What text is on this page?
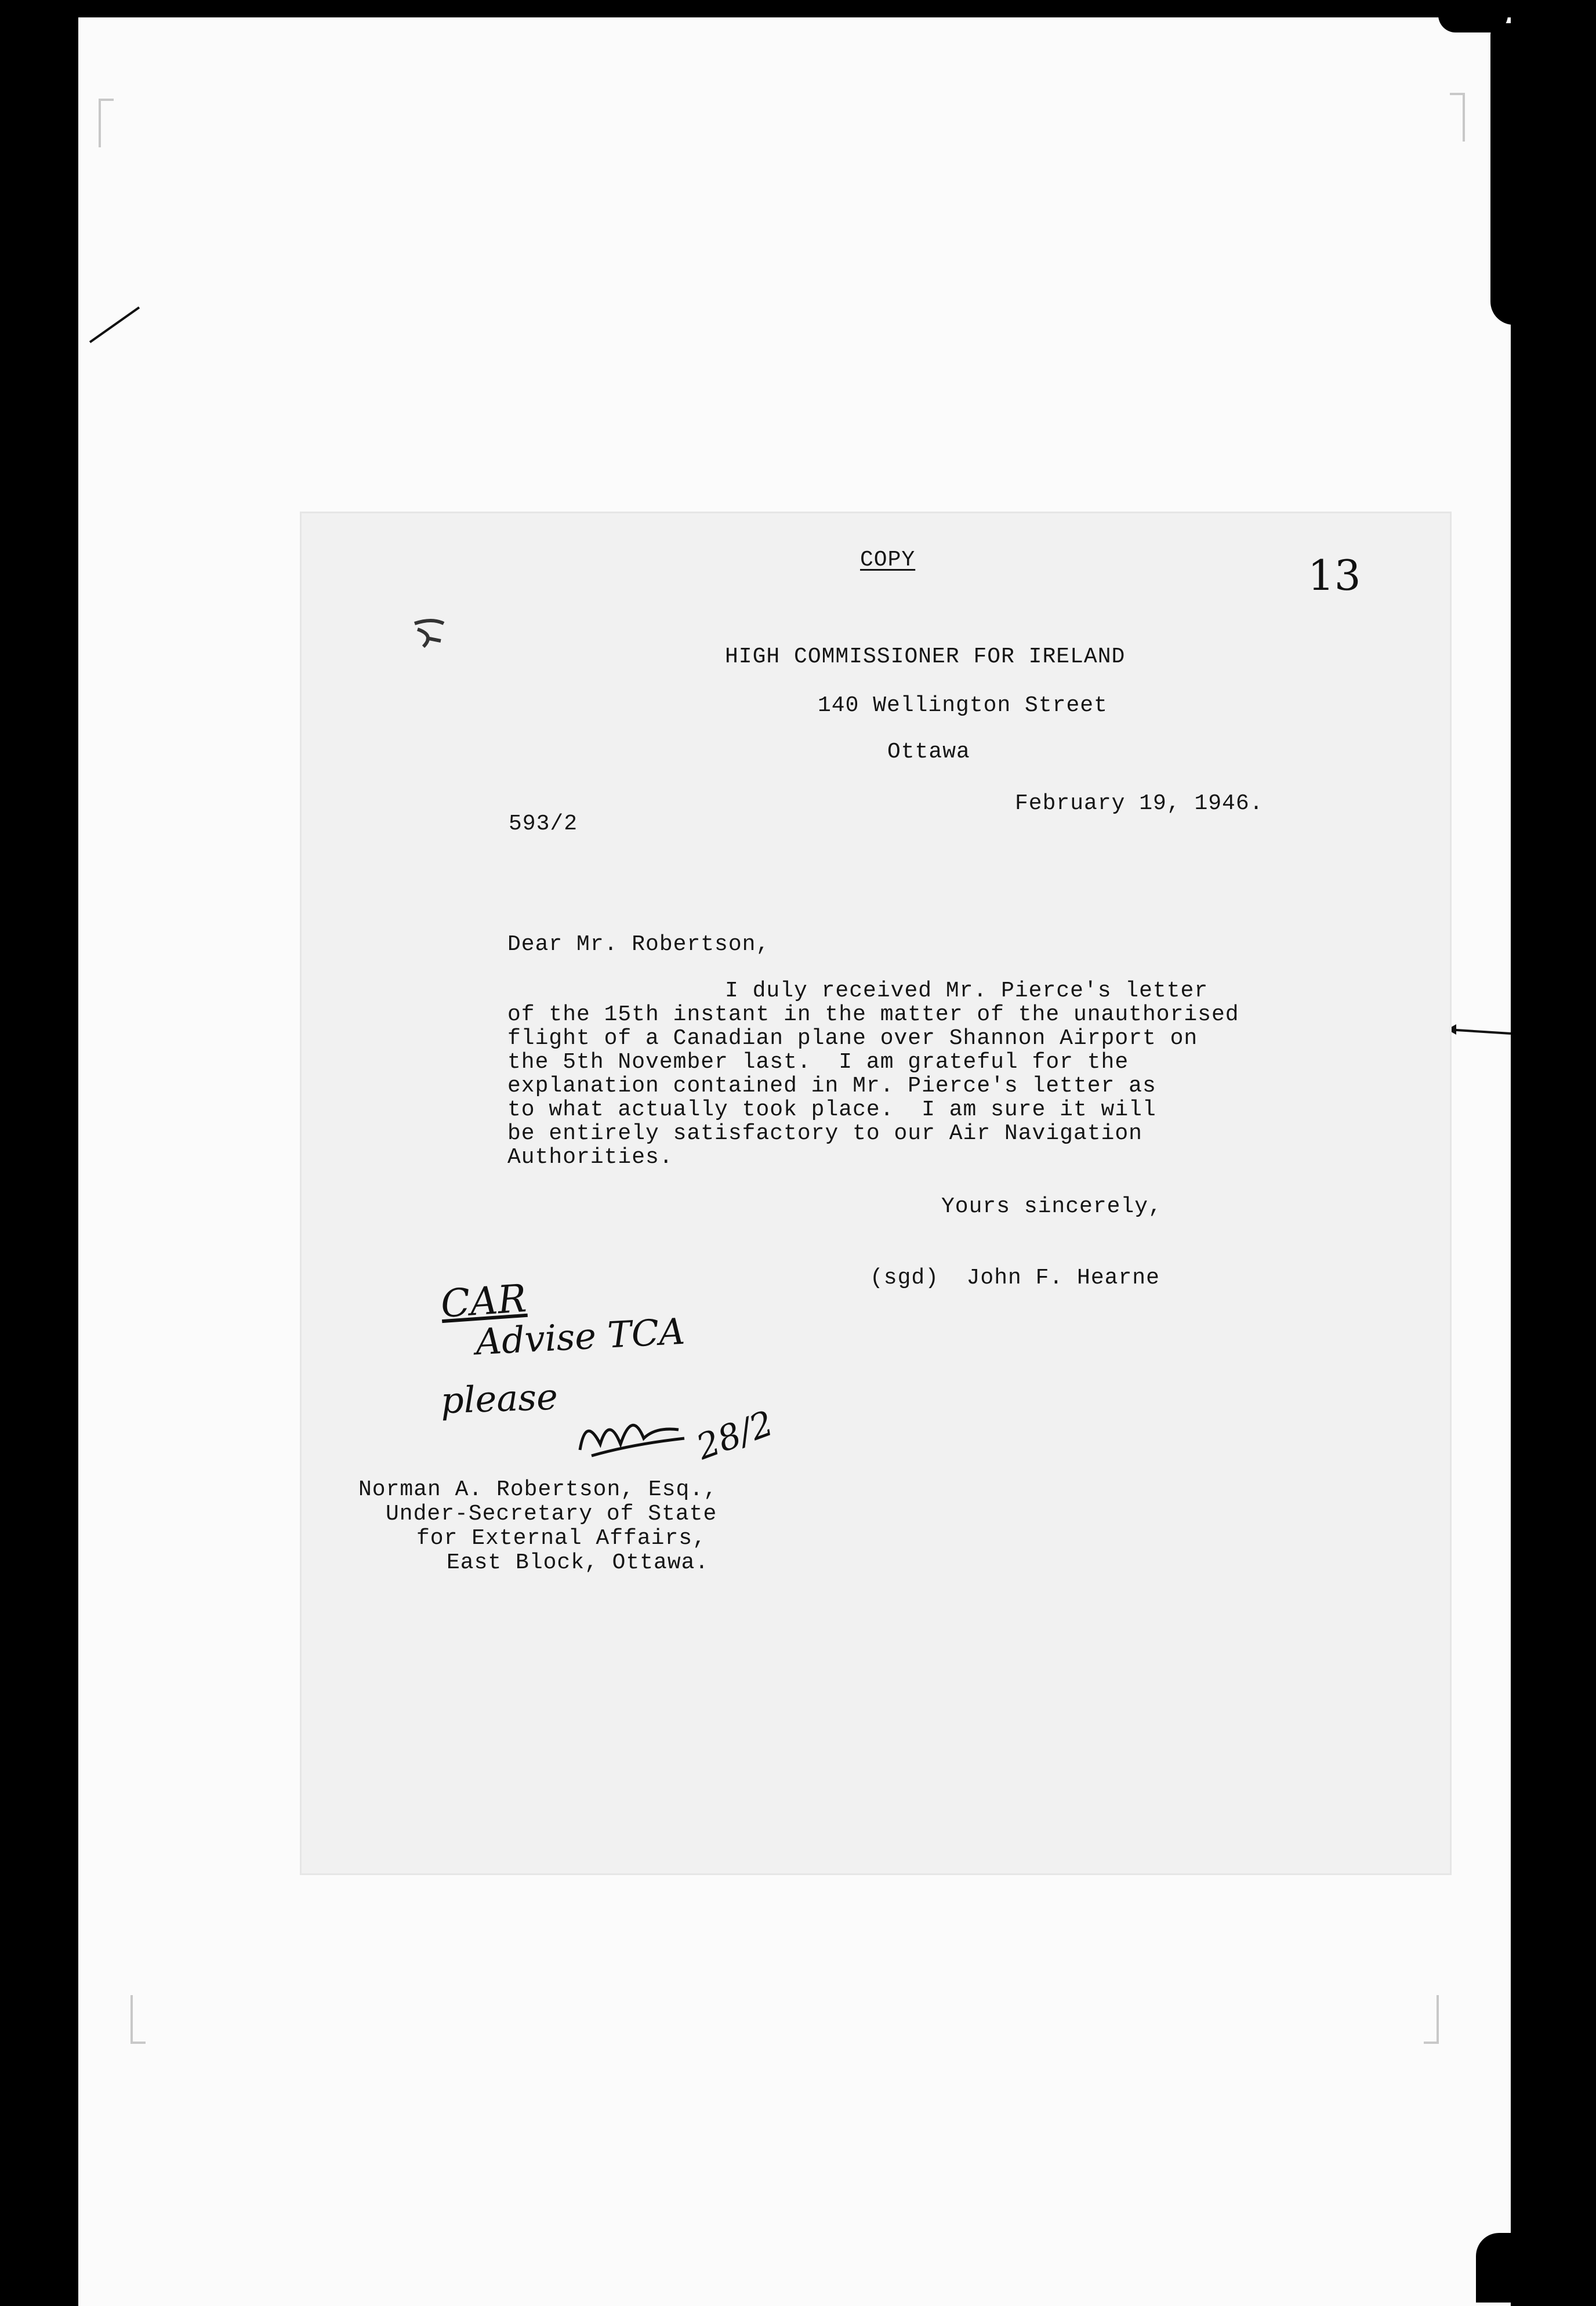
COPY	13
HIGH COMMISSIONER FOR IRELAND
140 Wellington Street
Ottawa
February 19, 1946.
593/2
Dear Mr. Robertson,
I duly received Mr. Pierce's letter
of the 15th instant in the matter of the unauthorised
flight of a Canadian plane over Shannon Airport on
the 5th November last.  I am grateful for the
explanation contained in Mr. Pierce's letter as
to what actually took place.  I am sure it will
be entirely satisfactory to our Air Navigation
Authorities.
Yours sincerely,
(sgd)  John F. Hearne
CAR
Advise TCA
please
28/2
Norman A. Robertson, Esq.,
Under-Secretary of State
for External Affairs,
East Block, Ottawa.
